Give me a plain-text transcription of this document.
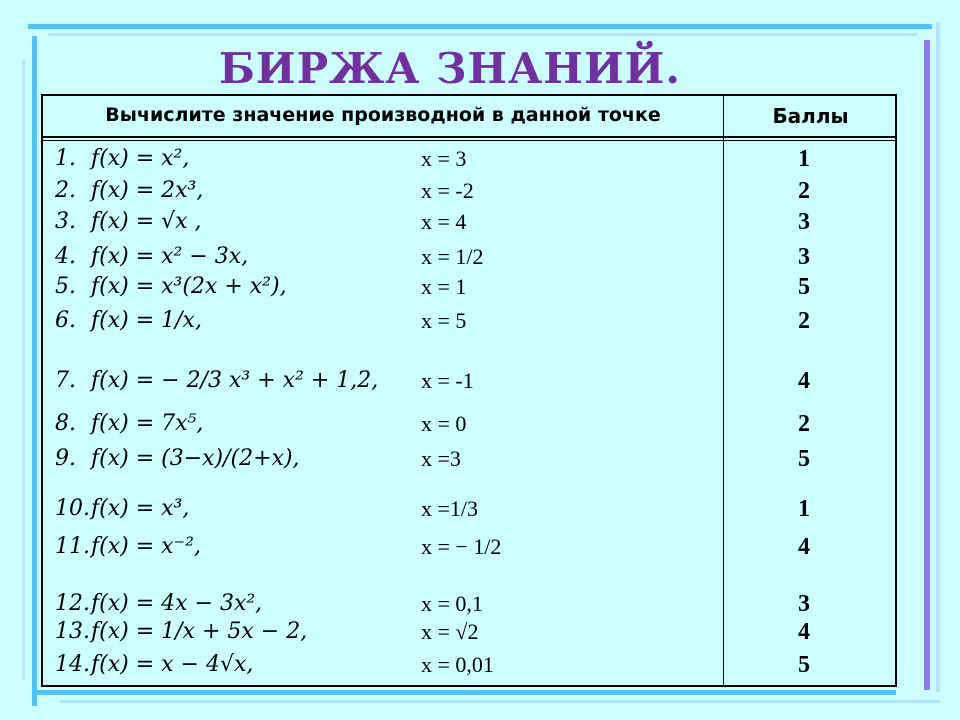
БИРЖА ЗНАНИЙ.
Вычислите значение производной в данной точке	Баллы
1. f(x) = x²,	x = 3	1
2. f(x) = 2x³,	x = -2	2
3. f(x) = √x ,	x = 4	3
4. f(x) = x² − 3x,	x = 1/2	3
5. f(x) = x³(2x + x²),	x = 1	5
6. f(x) = 1/x,	x = 5	2
7. f(x) = − 2/3 x³ + x² + 1,2, x = -1	4
8. f(x) = 7x⁵,	x = 0	2
9. f(x) = (3−x)/(2+x),	x =3	5
10. f(x) = x³,	x =1/3	1
11. f(x) = x⁻²,	x = − 1/2	4
12. f(x) = 4x − 3x²,	x = 0,1	3
13. f(x) = 1/x + 5x − 2,	x = √2	4
14. f(x) = x − 4√x,	x = 0,01	5
